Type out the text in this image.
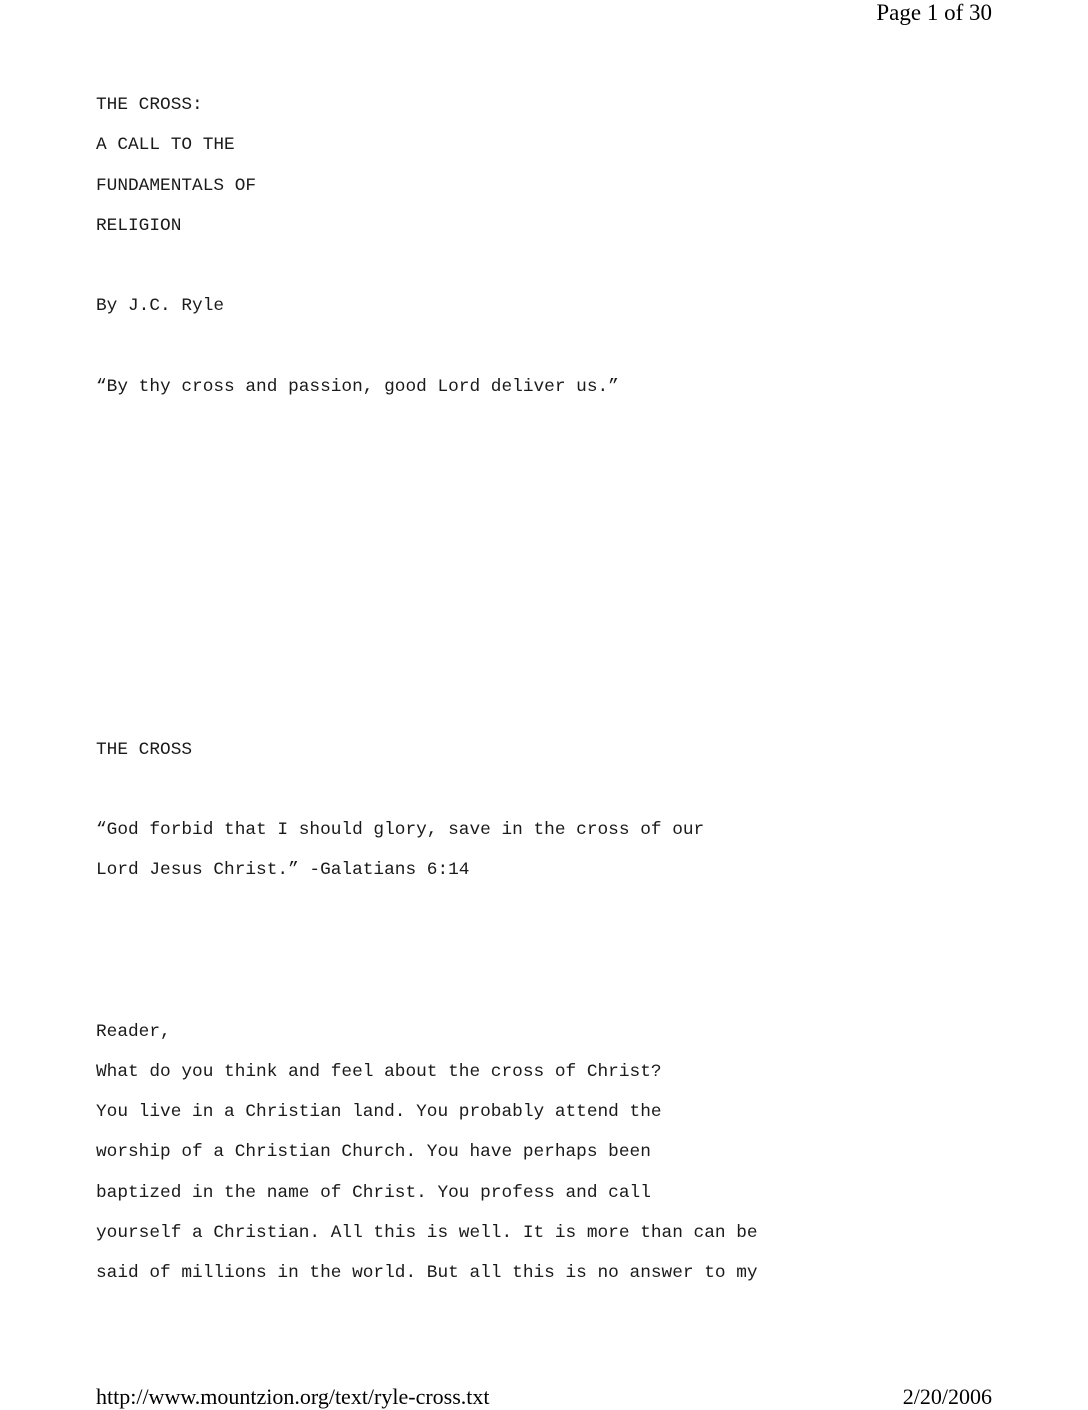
Page 1 of 30
THE CROSS:
A CALL TO THE
FUNDAMENTALS OF
RELIGION
By J.C. Ryle
“By thy cross and passion, good Lord deliver us.”
THE CROSS
“God forbid that I should glory, save in the cross of our
Lord Jesus Christ.” -Galatians 6:14
Reader,
What do you think and feel about the cross of Christ?
You live in a Christian land. You probably attend the
worship of a Christian Church. You have perhaps been
baptized in the name of Christ. You profess and call
yourself a Christian. All this is well. It is more than can be
said of millions in the world. But all this is no answer to my
http://www.mountzion.org/text/ryle-cross.txt	2/20/2006
